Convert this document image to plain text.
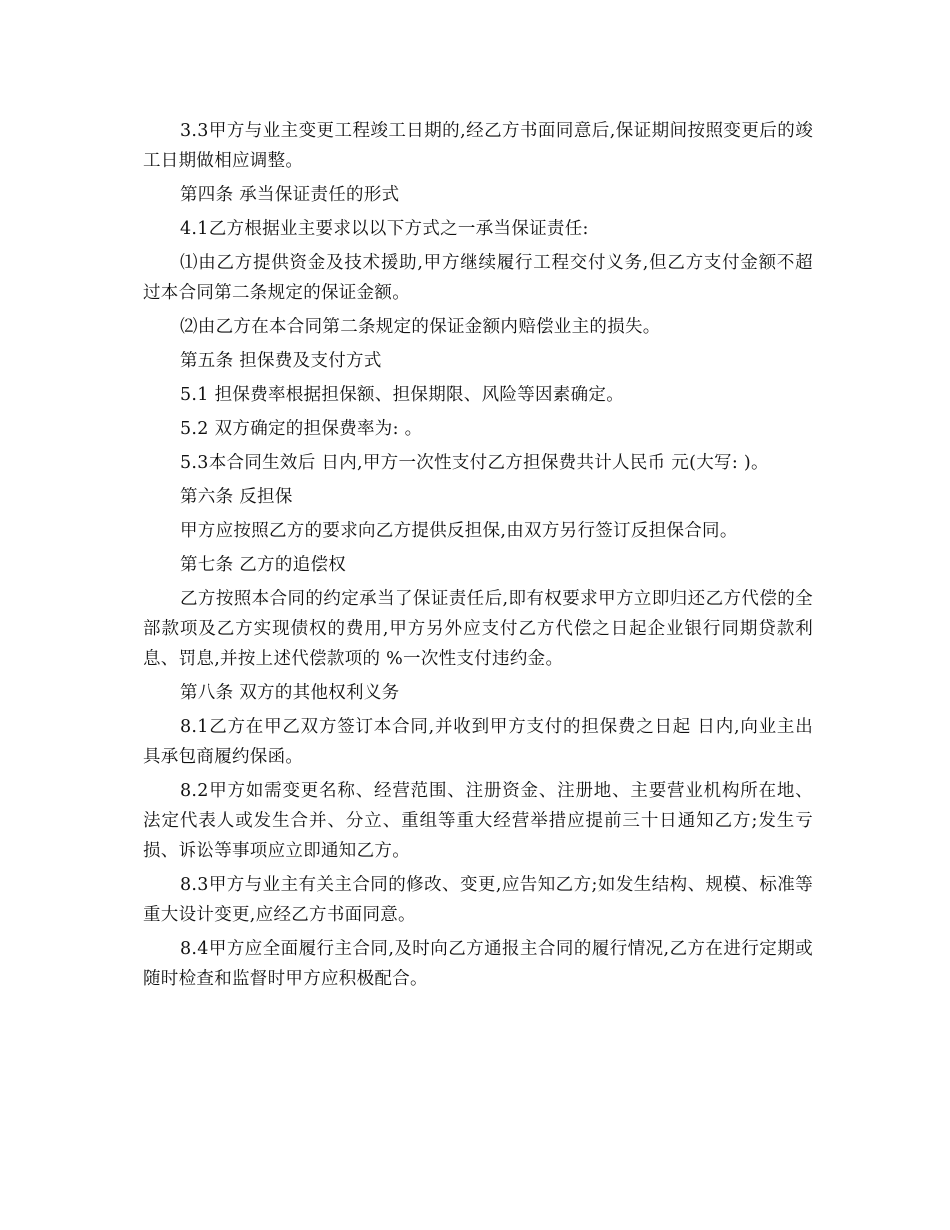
3.3甲方与业主变更工程竣工日期的,经乙方书面同意后,保证期间按照变更后的竣工日期做相应调整。

第四条 承当保证责任的形式

4.1乙方根据业主要求以以下方式之一承当保证责任:

⑴由乙方提供资金及技术援助,甲方继续履行工程交付义务,但乙方支付金额不超过本合同第二条规定的保证金额。

⑵由乙方在本合同第二条规定的保证金额内赔偿业主的损失。

第五条 担保费及支付方式

5.1 担保费率根据担保额、担保期限、风险等因素确定。

5.2 双方确定的担保费率为: 。

5.3本合同生效后 日内,甲方一次性支付乙方担保费共计人民币 元(大写: )。

第六条 反担保

甲方应按照乙方的要求向乙方提供反担保,由双方另行签订反担保合同。

第七条 乙方的追偿权

乙方按照本合同的约定承当了保证责任后,即有权要求甲方立即归还乙方代偿的全部款项及乙方实现债权的费用,甲方另外应支付乙方代偿之日起企业银行同期贷款利息、罚息,并按上述代偿款项的 %一次性支付违约金。

第八条 双方的其他权利义务

8.1乙方在甲乙双方签订本合同,并收到甲方支付的担保费之日起 日内,向业主出具承包商履约保函。

8.2甲方如需变更名称、经营范围、注册资金、注册地、主要营业机构所在地、法定代表人或发生合并、分立、重组等重大经营举措应提前三十日通知乙方;发生亏损、诉讼等事项应立即通知乙方。

8.3甲方与业主有关主合同的修改、变更,应告知乙方;如发生结构、规模、标准等重大设计变更,应经乙方书面同意。

8.4甲方应全面履行主合同,及时向乙方通报主合同的履行情况,乙方在进行定期或随时检查和监督时甲方应积极配合。
